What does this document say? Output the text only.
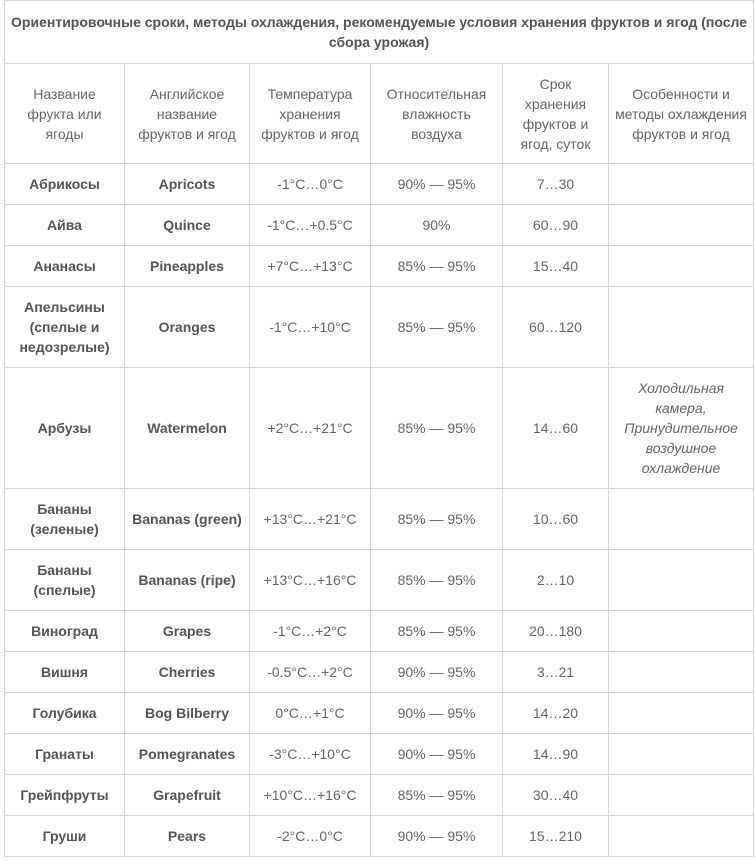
Ориентировочные сроки, методы охлаждения, рекомендуемые условия хранения фруктов и ягод (после сбора урожая)					
Название фрукта или ягоды	Английское название фруктов и ягод	Температура хранения фруктов и ягод	Относительная влажность воздуха	Срок хранения фруктов и ягод, суток	Особенности и методы охлаждения фруктов и ягод
Абрикосы	Apricots	-1°C…0°C	90% — 95%	7…30	
Айва	Quince	-1°C…+0.5°C	90%	60…90	
Ананасы	Pineapples	+7°C…+13°C	85% — 95%	15…40	
Апельсины (спелые и недозрелые)	Oranges	-1°C…+10°C	85% — 95%	60…120	
Арбузы	Watermelon	+2°C…+21°C	85% — 95%	14…60	Холодильная камера, Принудительное воздушное охлаждение
Бананы (зеленые)	Bananas (green)	+13°C…+21°C	85% — 95%	10…60	
Бананы (спелые)	Bananas (ripe)	+13°C…+16°C	85% — 95%	2…10	
Виноград	Grapes	-1°C…+2°C	85% — 95%	20…180	
Вишня	Cherries	-0.5°C…+2°C	90% — 95%	3…21	
Голубика	Bog Bilberry	0°C…+1°C	90% — 95%	14…20	
Гранаты	Pomegranates	-3°C…+10°C	90% — 95%	14…90	
Грейпфруты	Grapefruit	+10°C…+16°C	85% — 95%	30…40	
Груши	Pears	-2°C…0°C	90% — 95%	15…210	
